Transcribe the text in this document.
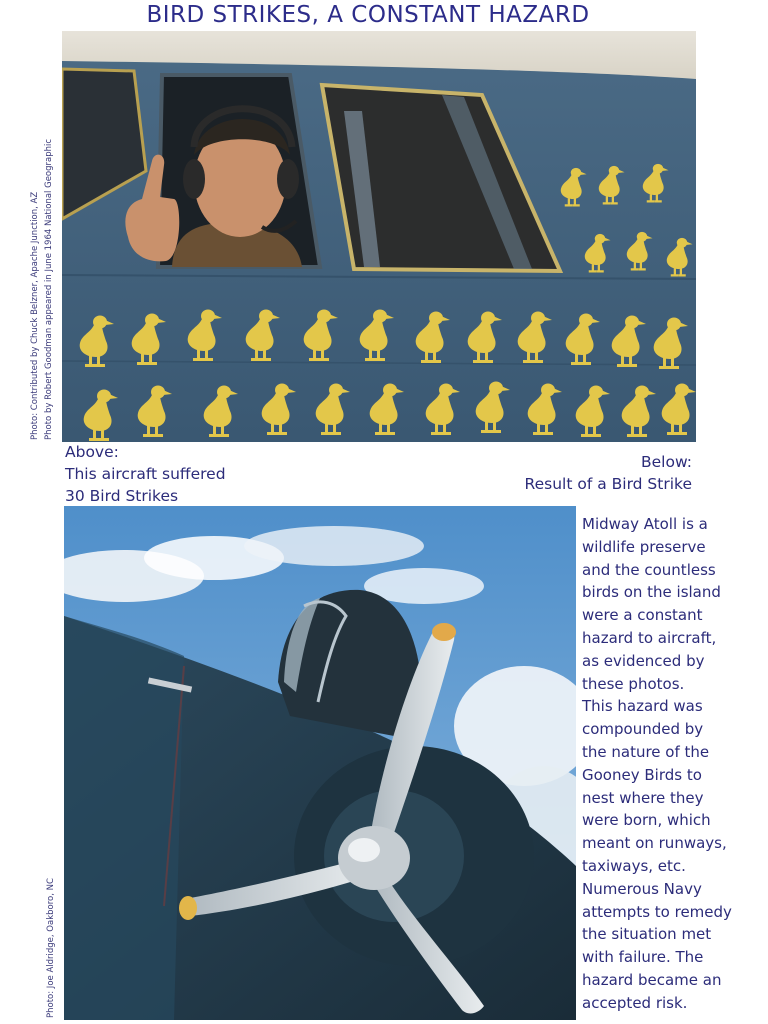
BIRD STRIKES, A CONSTANT HAZARD
Photo: Contributed by Chuck Belzner, Apache Junction, AZ Photo by Robert Goodman appeared in June 1964 National Geographic
Photo: Joe Aldridge, Oakboro, NC
Above:
This aircraft suffered
30 Bird Strikes
Below:
Result of a Bird Strike
Midway Atoll is a
wildlife preserve
and the countless
birds on the island
were a constant
hazard to aircraft,
as evidenced by
these photos.
This hazard was
compounded by
the nature of the
Gooney Birds to
nest where they
were born, which
meant on runways,
taxiways, etc.
Numerous Navy
attempts to remedy
the situation met
with failure. The
hazard became an
accepted risk.
